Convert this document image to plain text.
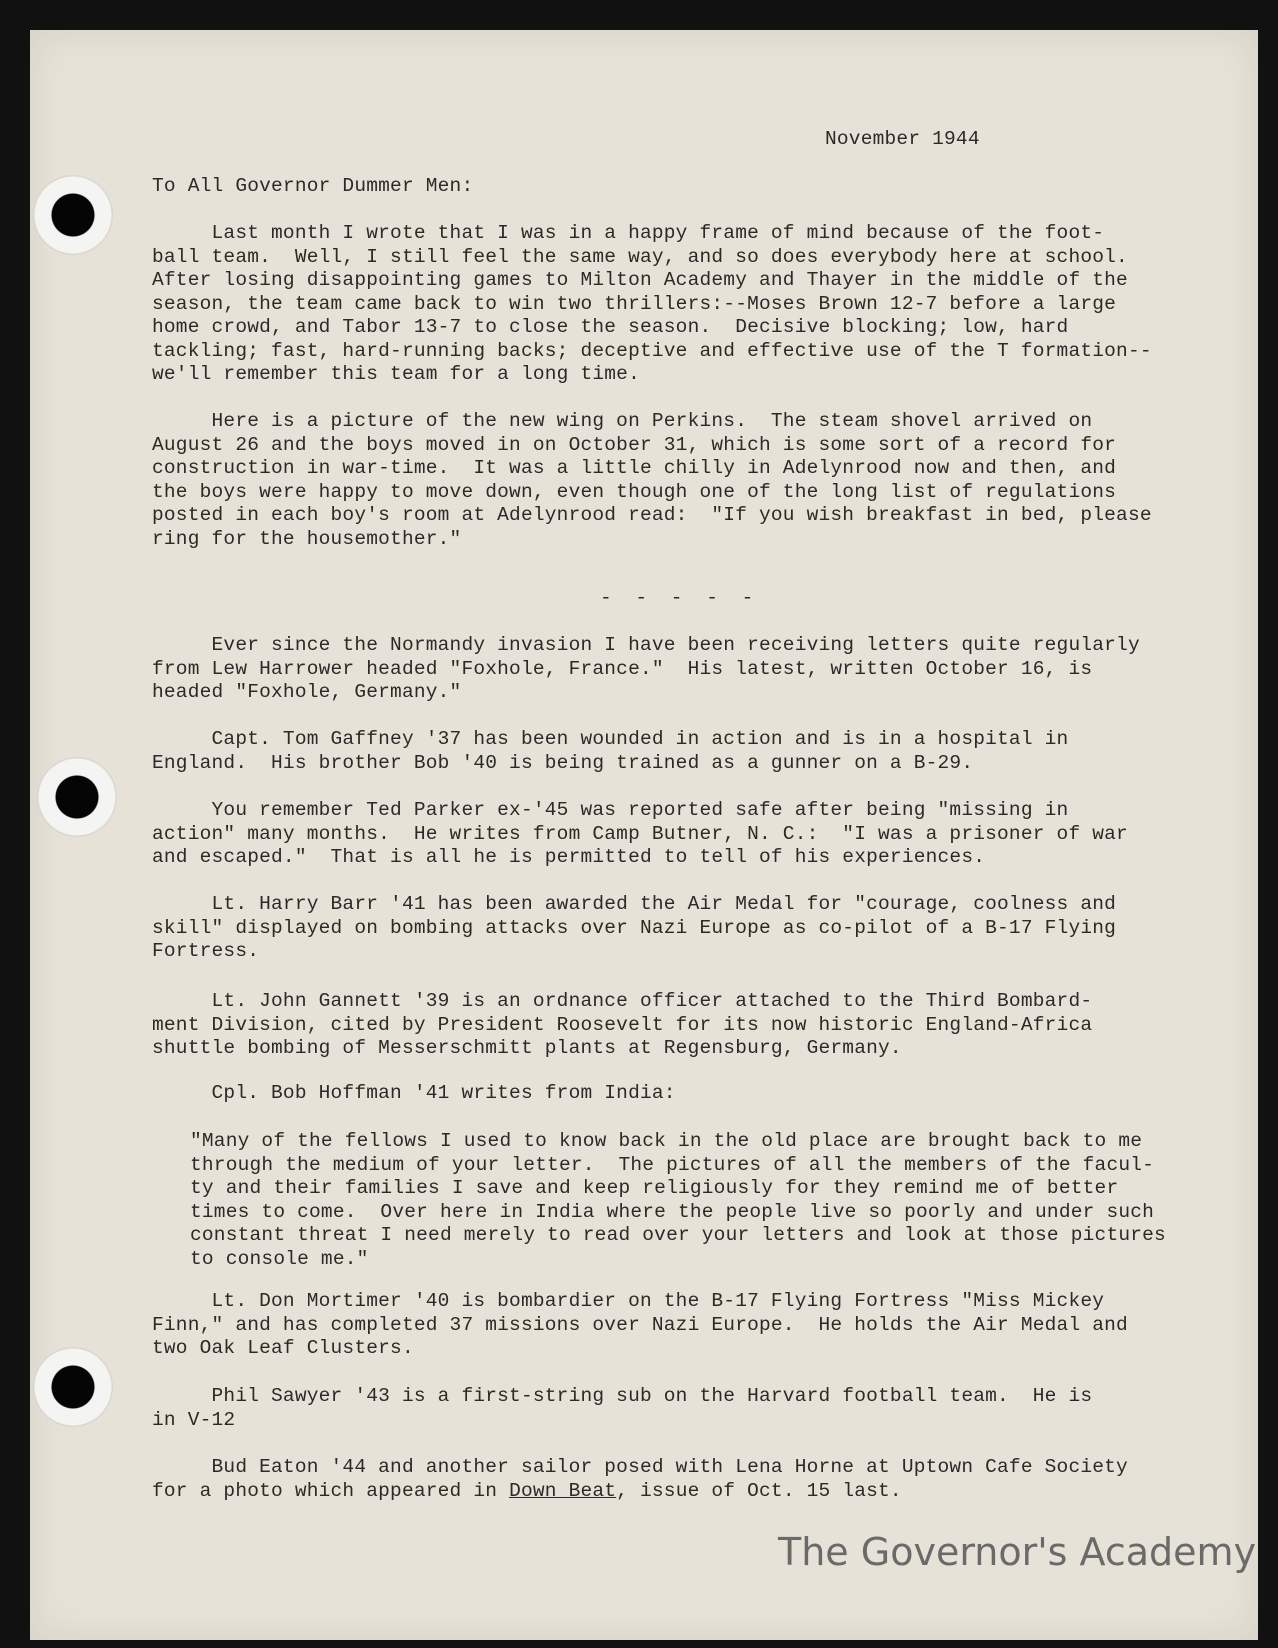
November 1944
To All Governor Dummer Men:
Last month I wrote that I was in a happy frame of mind because of the foot-
ball team.  Well, I still feel the same way, and so does everybody here at school.
After losing disappointing games to Milton Academy and Thayer in the middle of the
season, the team came back to win two thrillers:--Moses Brown 12-7 before a large
home crowd, and Tabor 13-7 to close the season.  Decisive blocking; low, hard
tackling; fast, hard-running backs; deceptive and effective use of the T formation--
we'll remember this team for a long time.
Here is a picture of the new wing on Perkins.  The steam shovel arrived on
August 26 and the boys moved in on October 31, which is some sort of a record for
construction in war-time.  It was a little chilly in Adelynrood now and then, and
the boys were happy to move down, even though one of the long list of regulations
posted in each boy's room at Adelynrood read:  "If you wish breakfast in bed, please
ring for the housemother."
- - - - -
Ever since the Normandy invasion I have been receiving letters quite regularly
from Lew Harrower headed "Foxhole, France."  His latest, written October 16, is
headed "Foxhole, Germany."
Capt. Tom Gaffney '37 has been wounded in action and is in a hospital in
England.  His brother Bob '40 is being trained as a gunner on a B-29.
You remember Ted Parker ex-'45 was reported safe after being "missing in
action" many months.  He writes from Camp Butner, N. C.:  "I was a prisoner of war
and escaped."  That is all he is permitted to tell of his experiences.
Lt. Harry Barr '41 has been awarded the Air Medal for "courage, coolness and
skill" displayed on bombing attacks over Nazi Europe as co-pilot of a B-17 Flying
Fortress.
Lt. John Gannett '39 is an ordnance officer attached to the Third Bombard-
ment Division, cited by President Roosevelt for its now historic England-Africa
shuttle bombing of Messerschmitt plants at Regensburg, Germany.
Cpl. Bob Hoffman '41 writes from India:
"Many of the fellows I used to know back in the old place are brought back to me
through the medium of your letter.  The pictures of all the members of the facul-
ty and their families I save and keep religiously for they remind me of better
times to come.  Over here in India where the people live so poorly and under such
constant threat I need merely to read over your letters and look at those pictures
to console me."
Lt. Don Mortimer '40 is bombardier on the B-17 Flying Fortress "Miss Mickey
Finn," and has completed 37 missions over Nazi Europe.  He holds the Air Medal and
two Oak Leaf Clusters.
Phil Sawyer '43 is a first-string sub on the Harvard football team.  He is
in V-12
Bud Eaton '44 and another sailor posed with Lena Horne at Uptown Cafe Society
for a photo which appeared in Down Beat, issue of Oct. 15 last.
The Governor's Academy
